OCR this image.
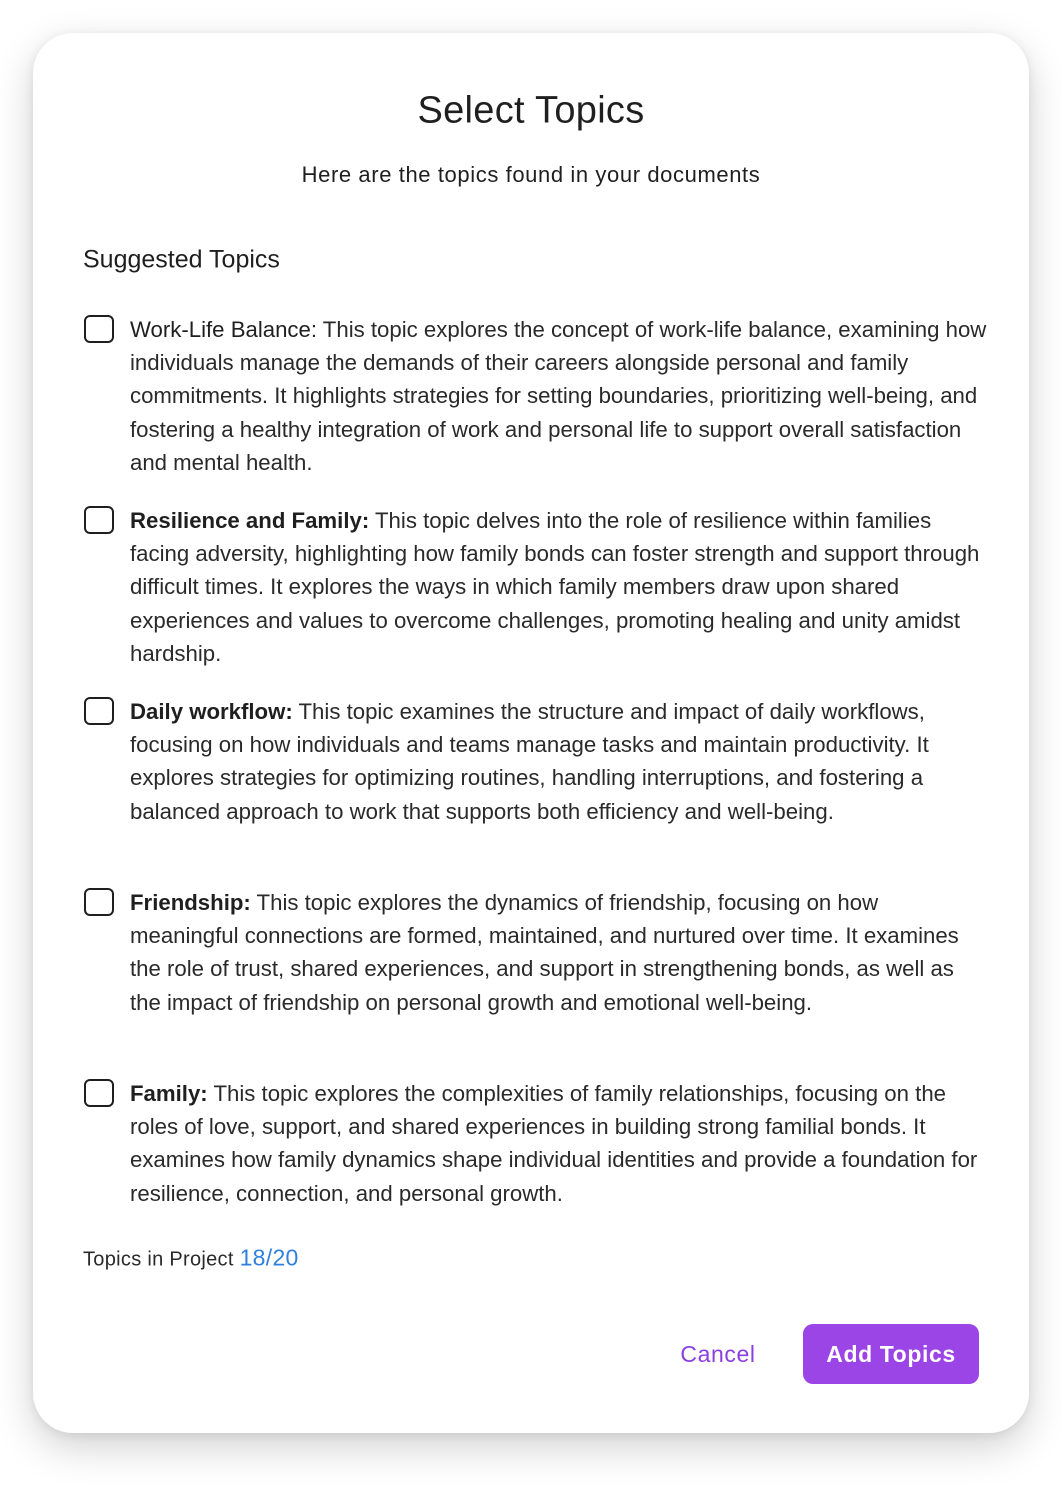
Select Topics

Here are the topics found in your documents

Suggested Topics

Work-Life Balance: This topic explores the concept of work-life balance, examining how individuals manage the demands of their careers alongside personal and family commitments. It highlights strategies for setting boundaries, prioritizing well-being, and fostering a healthy integration of work and personal life to support overall satisfaction and mental health.

Resilience and Family: This topic delves into the role of resilience within families facing adversity, highlighting how family bonds can foster strength and support through difficult times. It explores the ways in which family members draw upon shared experiences and values to overcome challenges, promoting healing and unity amidst hardship.

Daily workflow: This topic examines the structure and impact of daily workflows, focusing on how individuals and teams manage tasks and maintain productivity. It explores strategies for optimizing routines, handling interruptions, and fostering a balanced approach to work that supports both efficiency and well-being.

Friendship: This topic explores the dynamics of friendship, focusing on how meaningful connections are formed, maintained, and nurtured over time. It examines the role of trust, shared experiences, and support in strengthening bonds, as well as the impact of friendship on personal growth and emotional well-being.

Family: This topic explores the complexities of family relationships, focusing on the roles of love, support, and shared experiences in building strong familial bonds. It examines how family dynamics shape individual identities and provide a foundation for resilience, connection, and personal growth.

Topics in Project 18/20
Cancel	Add Topics
